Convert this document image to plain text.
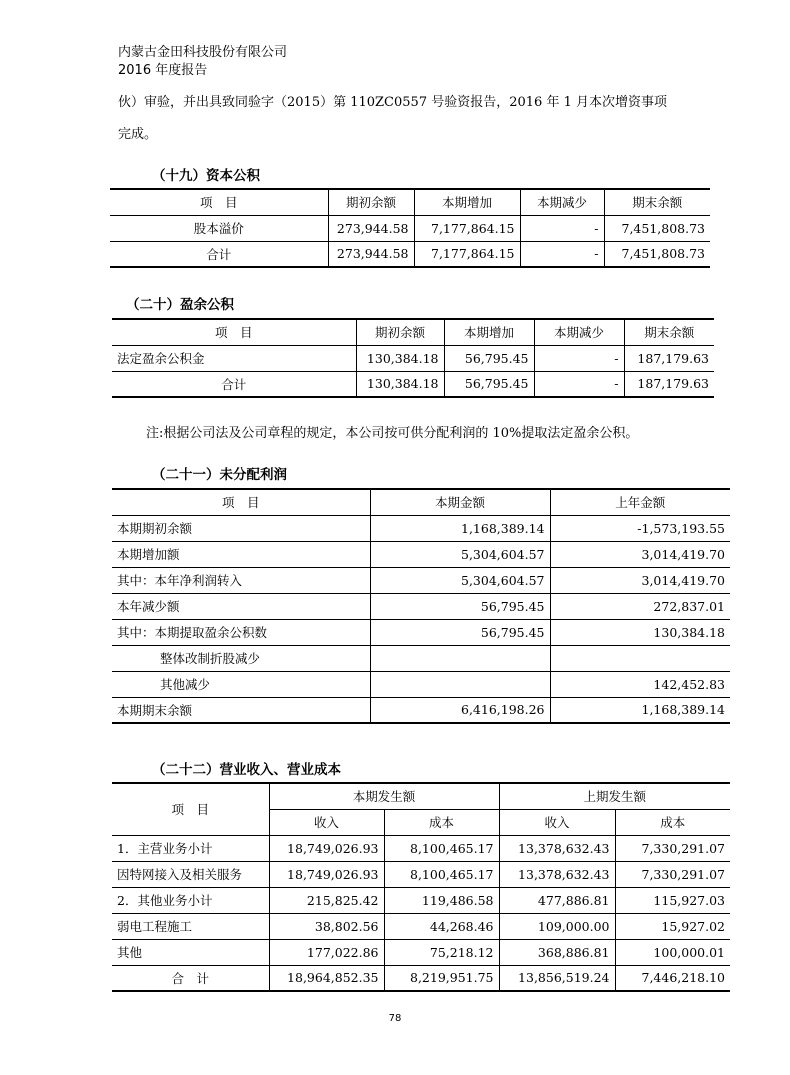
内蒙古金田科技股份有限公司
2016 年度报告
伙）审验，并出具致同验字（2015）第 110ZC0557 号验资报告，2016 年 1 月本次增资事项
完成。
（十九）资本公积
项　目	期初余额	本期增加	本期减少	期末余额
股本溢价	273,944.58	7,177,864.15	-	7,451,808.73
合计	273,944.58	7,177,864.15	-	7,451,808.73
（二十）盈余公积
项　目	期初余额	本期增加	本期减少	期末余额
法定盈余公积金	130,384.18	56,795.45	-	187,179.63
合计	130,384.18	56,795.45	-	187,179.63
注:根据公司法及公司章程的规定，本公司按可供分配利润的 10%提取法定盈余公积。
（二十一）未分配利润
项　目	本期金额	上年金额
本期期初余额	1,168,389.14	-1,573,193.55
本期增加额	5,304,604.57	3,014,419.70
其中：本年净利润转入	5,304,604.57	3,014,419.70
本年减少额	56,795.45	272,837.01
其中：本期提取盈余公积数	56,795.45	130,384.18
整体改制折股减少		
其他减少		142,452.83
本期期末余额	6,416,198.26	1,168,389.14
（二十二）营业收入、营业成本
项　目	本期发生额		上期发生额	
	收入	成本	收入	成本
1．主营业务小计	18,749,026.93	8,100,465.17	13,378,632.43	7,330,291.07
因特网接入及相关服务	18,749,026.93	8,100,465.17	13,378,632.43	7,330,291.07
2．其他业务小计	215,825.42	119,486.58	477,886.81	115,927.03
弱电工程施工	38,802.56	44,268.46	109,000.00	15,927.02
其他	177,022.86	75,218.12	368,886.81	100,000.01
合　计	18,964,852.35	8,219,951.75	13,856,519.24	7,446,218.10
78
